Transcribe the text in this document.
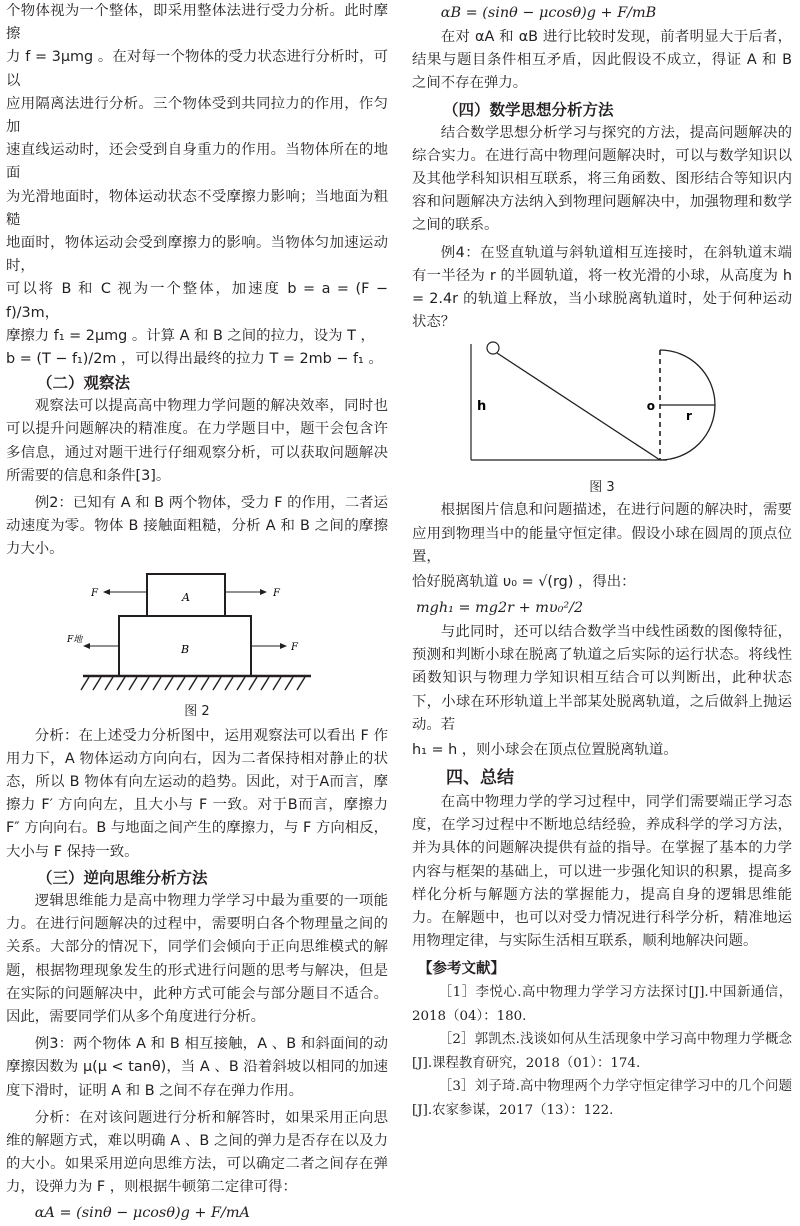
个物体视为一个整体，即采用整体法进行受力分析。此时摩擦

力 f = 3μmg 。在对每一个物体的受力状态进行分析时，可以

应用隔离法进行分析。三个物体受到共同拉力的作用，作匀加

速直线运动时，还会受到自身重力的作用。当物体所在的地面

为光滑地面时，物体运动状态不受摩擦力影响；当地面为粗糙

地面时，物体运动会受到摩擦力的影响。当物体匀加速运动时，

可以将 B 和 C 视为一个整体，加速度 b = a = (F − f)/3m，

摩擦力 f₁ = 2μmg 。计算 A 和 B 之间的拉力，设为 T ，

b = (T − f₁)/2m ，可以得出最终的拉力 T = 2mb − f₁ 。

（二）观察法

观察法可以提高高中物理力学问题的解决效率，同时也可以提升问题解决的精准度。在力学题目中，题干会包含许多信息，通过对题干进行仔细观察分析，可以获取问题解决所需要的信息和条件[3]。

例2：已知有 A 和 B 两个物体，受力 F 的作用，二者运动速度为零。物体 B 接触面粗糙，分析 A 和 B 之间的摩擦力大小。

A
B
F	F
F地
F

图 2

分析：在上述受力分析图中，运用观察法可以看出 F 作用力下，A 物体运动方向向右，因为二者保持相对静止的状态，所以 B 物体有向左运动的趋势。因此，对于A而言，摩擦力 F′ 方向向左，且大小与 F 一致。对于B而言，摩擦力 F″ 方向向右。B 与地面之间产生的摩擦力，与 F 方向相反，大小与 F 保持一致。

（三）逆向思维分析方法

逻辑思维能力是高中物理力学学习中最为重要的一项能力。在进行问题解决的过程中，需要明白各个物理量之间的关系。大部分的情况下，同学们会倾向于正向思维模式的解题，根据物理现象发生的形式进行问题的思考与解决，但是在实际的问题解决中，此种方式可能会与部分题目不适合。因此，需要同学们从多个角度进行分析。

例3：两个物体 A 和 B 相互接触，A 、B 和斜面间的动摩擦因数为 μ(μ < tanθ)，当 A 、B 沿着斜坡以相同的加速度下滑时，证明 A 和 B 之间不存在弹力作用。

分析：在对该问题进行分析和解答时，如果采用正向思维的解题方式，难以明确 A 、B 之间的弹力是否存在以及力的大小。如果采用逆向思维方法，可以确定二者之间存在弹力，设弹力为 F ，则根据牛顿第二定律可得：

αA = (sinθ − μcosθ)g + F/mA

αB = (sinθ − μcosθ)g + F/mB

在对 αA 和 αB 进行比较时发现，前者明显大于后者，结果与题目条件相互矛盾，因此假设不成立，得证 A 和 B 之间不存在弹力。

（四）数学思想分析方法

结合数学思想分析学习与探究的方法，提高问题解决的综合实力。在进行高中物理问题解决时，可以与数学知识以及其他学科知识相互联系，将三角函数、图形结合等知识内容和问题解决方法纳入到物理问题解决中，加强物理和数学之间的联系。

例4：在竖直轨道与斜轨道相互连接时，在斜轨道末端有一半径为 r 的半圆轨道，将一枚光滑的小球，从高度为 h = 2.4r 的轨道上释放，当小球脱离轨道时，处于何种运动状态？

h	o
r

图 3

根据图片信息和问题描述，在进行问题的解决时，需要应用到物理当中的能量守恒定律。假设小球在圆周的顶点位置，

恰好脱离轨道 υ₀ = √(rg) ，得出：

mgh₁ = mg2r + mυ₀²/2

与此同时，还可以结合数学当中线性函数的图像特征，预测和判断小球在脱离了轨道之后实际的运行状态。将线性函数知识与物理力学知识相互结合可以判断出，此种状态下，小球在环形轨道上半部某处脱离轨道，之后做斜上抛运动。若

h₁ = h ，则小球会在顶点位置脱离轨道。

四、总结

在高中物理力学的学习过程中，同学们需要端正学习态度，在学习过程中不断地总结经验，养成科学的学习方法，并为具体的问题解决提供有益的指导。在掌握了基本的力学内容与框架的基础上，可以进一步强化知识的积累，提高多样化分析与解题方法的掌握能力，提高自身的逻辑思维能力。在解题中，也可以对受力情况进行科学分析，精准地运用物理定律，与实际生活相互联系，顺利地解决问题。

【参考文献】

［1］李悦心.高中物理力学学习方法探讨[J].中国新通信，2018（04）：180.

［2］郭凯杰.浅谈如何从生活现象中学习高中物理力学概念[J].课程教育研究，2018（01）：174.

［3］刘子琦.高中物理两个力学守恒定律学习中的几个问题[J].农家参谋，2017（13）：122.
